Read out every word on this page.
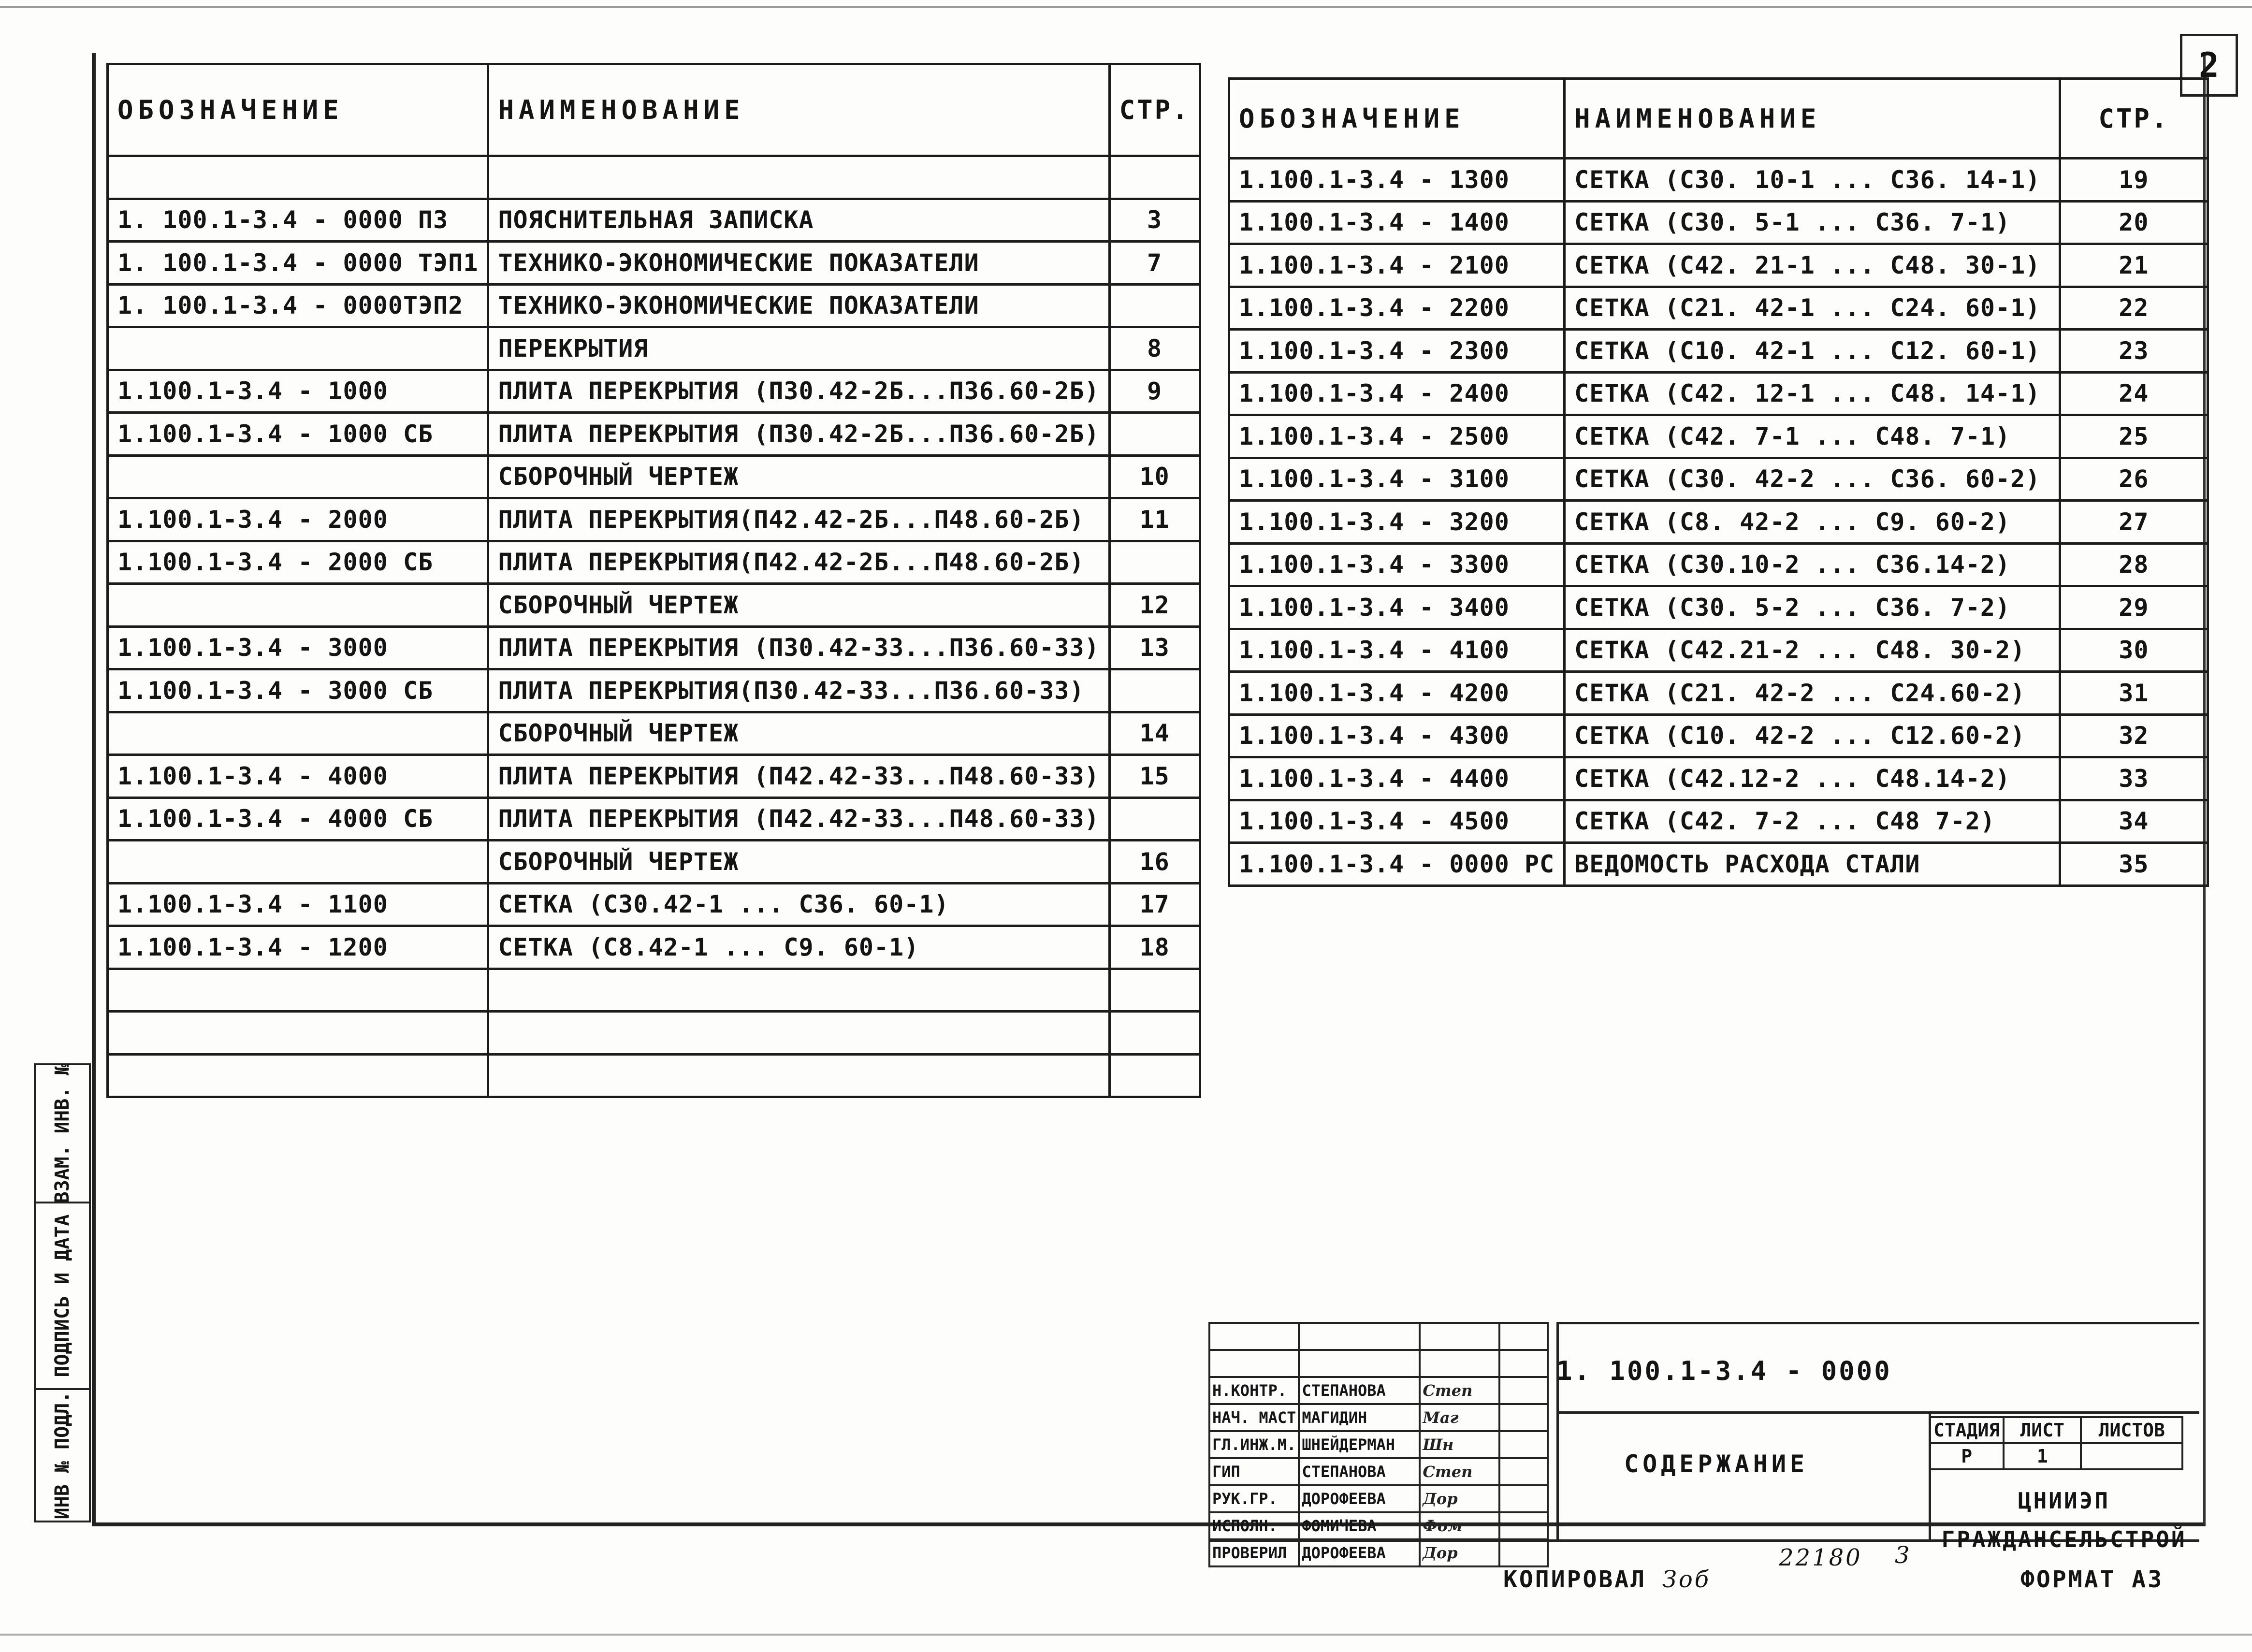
2
ОБОЗНАЧЕНИЕ	НАИМЕНОВАНИЕ	СТР.

1. 100.1-3.4 - 0000 ПЗ	ПОЯСНИТЕЛЬНАЯ ЗАПИСКА	3
1. 100.1-3.4 - 0000 ТЭП1	ТЕХНИКО-ЭКОНОМИЧЕСКИЕ ПОКАЗАТЕЛИ	7
1. 100.1-3.4 - 0000ТЭП2	ТЕХНИКО-ЭКОНОМИЧЕСКИЕ ПОКАЗАТЕЛИ	
	ПЕРЕКРЫТИЯ	8
1.100.1-3.4 - 1000	ПЛИТА ПЕРЕКРЫТИЯ (П30.42-2Б...П36.60-2Б)	9
1.100.1-3.4 - 1000 СБ	ПЛИТА ПЕРЕКРЫТИЯ (П30.42-2Б...П36.60-2Б)	
	СБОРОЧНЫЙ ЧЕРТЕЖ	10
1.100.1-3.4 - 2000	ПЛИТА ПЕРЕКРЫТИЯ(П42.42-2Б...П48.60-2Б)	11
1.100.1-3.4 - 2000 СБ	ПЛИТА ПЕРЕКРЫТИЯ(П42.42-2Б...П48.60-2Б)	
	СБОРОЧНЫЙ ЧЕРТЕЖ	12
1.100.1-3.4 - 3000	ПЛИТА ПЕРЕКРЫТИЯ (П30.42-33...П36.60-33)	13
1.100.1-3.4 - 3000 СБ	ПЛИТА ПЕРЕКРЫТИЯ(П30.42-33...П36.60-33)	
	СБОРОЧНЫЙ ЧЕРТЕЖ	14
1.100.1-3.4 - 4000	ПЛИТА ПЕРЕКРЫТИЯ (П42.42-33...П48.60-33)	15
1.100.1-3.4 - 4000 СБ	ПЛИТА ПЕРЕКРЫТИЯ (П42.42-33...П48.60-33)	
	СБОРОЧНЫЙ ЧЕРТЕЖ	16
1.100.1-3.4 - 1100	СЕТКА (С30.42-1 ... С36. 60-1)	17
1.100.1-3.4 - 1200	СЕТКА (С8.42-1 ... С9. 60-1)	18

ОБОЗНАЧЕНИЕ	НАИМЕНОВАНИЕ	СТР.
1.100.1-3.4 - 1300	СЕТКА (С30. 10-1 ... С36. 14-1)	19
1.100.1-3.4 - 1400	СЕТКА (С30. 5-1 ... С36. 7-1)	20
1.100.1-3.4 - 2100	СЕТКА (С42. 21-1 ... С48. 30-1)	21
1.100.1-3.4 - 2200	СЕТКА (С21. 42-1 ... С24. 60-1)	22
1.100.1-3.4 - 2300	СЕТКА (С10. 42-1 ... С12. 60-1)	23
1.100.1-3.4 - 2400	СЕТКА (С42. 12-1 ... С48. 14-1)	24
1.100.1-3.4 - 2500	СЕТКА (С42. 7-1 ... С48. 7-1)	25
1.100.1-3.4 - 3100	СЕТКА (С30. 42-2 ... С36. 60-2)	26
1.100.1-3.4 - 3200	СЕТКА (С8. 42-2 ... С9. 60-2)	27
1.100.1-3.4 - 3300	СЕТКА (С30.10-2 ... С36.14-2)	28
1.100.1-3.4 - 3400	СЕТКА (С30. 5-2 ... С36. 7-2)	29
1.100.1-3.4 - 4100	СЕТКА (С42.21-2 ... С48. 30-2)	30
1.100.1-3.4 - 4200	СЕТКА (С21. 42-2 ... С24.60-2)	31
1.100.1-3.4 - 4300	СЕТКА (С10. 42-2 ... С12.60-2)	32
1.100.1-3.4 - 4400	СЕТКА (С42.12-2 ... С48.14-2)	33
1.100.1-3.4 - 4500	СЕТКА (С42. 7-2 ... С48 7-2)	34
1.100.1-3.4 - 0000 РС	ВЕДОМОСТЬ РАСХОДА СТАЛИ	35
ВЗАМ. ИНВ. №
ПОДПИСЬ И ДАТА
ИНВ № ПОДЛ.

Н.КОНТР.	СТЕПАНОВА	Степ	
НАЧ. МАСТ	МАГИДИН	Маг	
ГЛ.ИНЖ.М.	ШНЕЙДЕРМАН	Шн	
ГИП	СТЕПАНОВА	Степ	
РУК.ГР.	ДОРОФЕЕВА	Дор	
ИСПОЛН.	ФОМИЧЕВА	Фом	
ПРОВЕРИЛ	ДОРОФЕЕВА	Дор	
1. 100.1-3.4 - 0000
СОДЕРЖАНИЕ
СТАДИЯ	ЛИСТ	ЛИСТОВ
Р	1	
ЦНИИЭП
ГРАЖДАНСЕЛЬСТРОЙ
КОПИРОВАЛ Зоб
22180 3
ФОРМАТ А3
